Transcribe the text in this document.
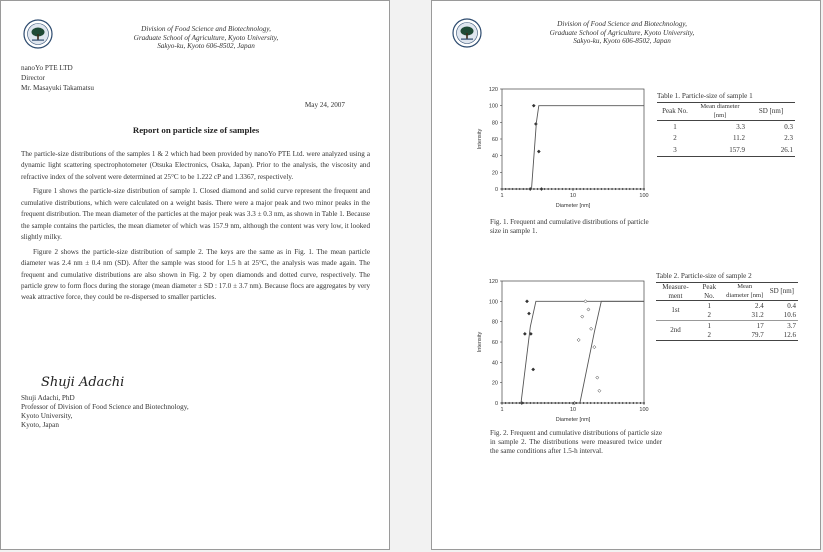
Division of Food Science and Biotechnology,
Graduate School of Agriculture, Kyoto University,
Sakyo-ku, Kyoto 606-8502, Japan
nanoYo PTE LTD
Director
Mr. Masayuki Takamatsu
May 24, 2007
Report on particle size of samples

The particle-size distributions of the samples 1 & 2 which had been provided by nanoYo PTE Ltd. were analyzed using a dynamic light scattering spectrophotometer (Otsuka Electronics, Osaka, Japan). Prior to the analysis, the viscosity and refractive index of the solvent were determined at 25°C to be 1.222 cP and 1.3367, respectively.

Figure 1 shows the particle-size distribution of sample 1. Closed diamond and solid curve represent the frequent and cumulative distributions, which were calculated on a weight basis. There were a major peak and two minor peaks in the frequent distribution. The mean diameter of the particles at the major peak was 3.3 ± 0.3 nm, as shown in Table 1. Because the sample contains the particles, the mean diameter of which was 157.9 nm, although the content was very low, it looked slightly milky.

Figure 2 shows the particle-size distribution of sample 2. The keys are the same as in Fig. 1. The mean particle diameter was 2.4 nm ± 0.4 nm (SD). After the sample was stood for 1.5 h at 25°C, the analysis was made again. The frequent and cumulative distributions are also shown in Fig. 2 by open diamonds and dotted curve, respectively. The particle grew to form flocs during the storage (mean diameter ± SD : 17.0 ± 3.7 nm). Because flocs are aggregates by very weak attractive force, they could be re-dispersed to smaller particles.

Shuji Adachi
Shuji Adachi, PhD
Professor of Division of Food Science and Biotechnology,
Kyoto University,
Kyoto, Japan
Division of Food Science and Biotechnology,
Graduate School of Agriculture, Kyoto University,
Sakyo-ku, Kyoto 606-8502, Japan
0
20
40
60
80
100
120
1	10	100
Diameter [nm]
Intensity
Fig. 1. Frequent and cumulative distributions of particle size in sample 1.
Table 1. Particle-size of sample 1
Peak No.	Mean diameter [nm]	SD [nm]
1	3.3	0.3
2	11.2	2.3
3	157.9	26.1
0
20
40
60
80
100
120
1	10	100
Diameter [nm]
Intensity
Fig. 2. Frequent and cumulative distributions of particle size in sample 2. The distributions were measured twice under the same conditions after 1.5-h interval.
Table 2. Particle-size of sample 2
Measure-ment	Peak No.	Mean diameter [nm]	SD [nm]
1st	1	2.4	0.4
	2	31.2	10.6
2nd	1	17	3.7
	2	79.7	12.6
